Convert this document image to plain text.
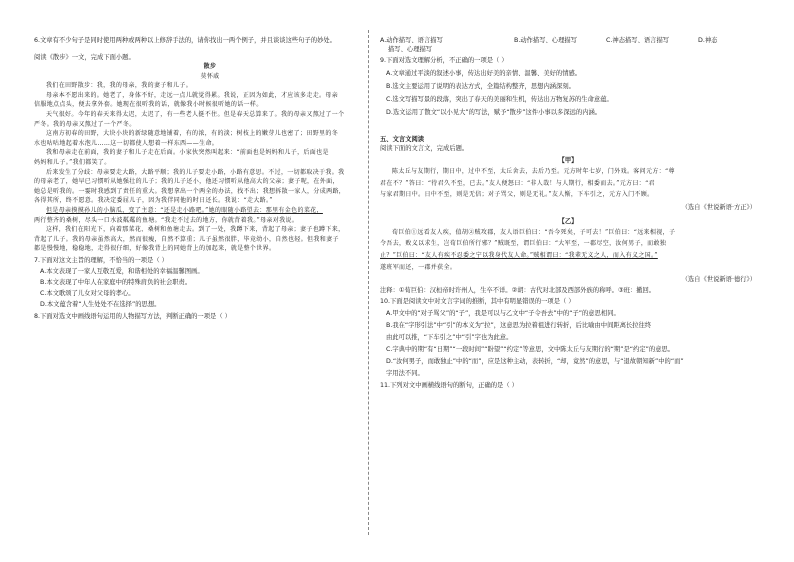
6.文章有不少句子是同时使用两种或两种以上修辞手法的，请你找出一两个例子，并且谈谈这些句子的妙处。
阅读《散步》一文，完成下面小题。
散步
莫怀戚
我们在田野散步：我，我的母亲，我的妻子和儿子。
母亲本不愿出来的。她老了，身体不好，走远一点儿就觉得累。我说，正因为如此，才应该多走走。母亲
信服地点点头，便去拿外套。她现在很听我的话，就像我小时候很听她的话一样。
天气很好。今年的春天来得太迟，太迟了，有一些老人挺不住。但是春天总算来了。我的母亲又熬过了一个
严冬。我的母亲又熬过了一个严冬。
这南方初春的田野，大块小块的新绿随意地铺着，有的浓，有的淡；树枝上的嫩芽儿也密了；田野里的冬
水也咕咕地起着水泡儿……这一切都使人想着一样东西——生命。
我和母亲走在前面，我的妻子和儿子走在后面。小家伙突然叫起来：“前面也是妈妈和儿子，后面也是
妈妈和儿子。”我们都笑了。
后来发生了分歧：母亲要走大路，大路平顺；我的儿子要走小路，小路有意思。不过，一切都取决于我。我
的母亲老了，她早已习惯听从她强壮的儿子；我的儿子还小，他还习惯听从他高大的父亲；妻子呢，在外面，
她总是听我的。一霎时我感到了责任的重大。我想拿出一个两全的办法，找不出；我想拆散一家人，分成两路，
各得其所，终不愿意。我决定委屈儿子，因为我伴同他的时日还长。我说：“走大路。”
但是母亲摸摸孙儿的小脑瓜，变了主意：“还是走小路吧。”她的眼随小路望去：那里有金色的菜花，
两行整齐的桑树，尽头一口水波粼粼的鱼塘。“我走不过去的地方，你就背着我。”母亲对我说。
这样，我们在阳光下，向着那菜花、桑树和鱼塘走去。到了一处，我蹲下来，背起了母亲；妻子也蹲下来，
背起了儿子。我的母亲虽然高大，然而很瘦，自然不算重；儿子虽然很胖，毕竟幼小，自然也轻。但我和妻子
都是慢慢地，稳稳地，走得很仔细，好像我背上的同她背上的加起来，就是整个世界。
7.下面对这文主旨的理解，不恰当的一项是（ ）
A.本文表现了一家人互敬互爱，和谐相处的幸福温馨图画。
B.本文表现了中年人在家庭中的特殊肩负的社会职责。
C.本文歌颂了儿女对父母的孝心。
D.本文蕴含着“人生处处不在选择”的思想。
8.下面对选文中画线语句运用的人物描写方法，判断正确的一项是（ ）
A.动作描写、语言描写	B.动作描写、心理描写	C.神态描写、语言描写	D.神态
描写、心理描写
9.下面对选文理解分析，不正确的一项是（ ）
A.文章通过平淡的叙述小事，传达出好美的亲情、温馨、美好的情感。
B.选文主要运用了说明的表达方式，全篇结构整齐，思想内涵深刻。
C.选文写描写景的段落，突出了春天的美丽和生机，传达出万物复苏的生命意蕴。
D.选文运用了散文“以小见大”的写法，赋予“散步”这件小事以多深远的内涵。
五、文言文阅读
阅读下面的文言文，完成后题。
【甲】
陈太丘与友期行，期日中，过中不至，太丘舍去，去后乃至。元方时年七岁，门外戏。客问元方：“尊
君在不？”答曰：“待君久不至，已去。”友人便怒曰：“非人哉！与人期行，相委而去。”元方曰：“君
与家君期日中。日中不至，则是无信；对子骂父，则是无礼。”友人惭，下车引之，元方入门不顾。
（选自《世说新语·方正》）
【乙】
荀巨伯①远看友人疾，值胡②贼攻郡，友人语巨伯曰：“吾今死矣，子可去！”巨伯曰：“远来相视，子
令吾去，败义以求生，岂荀巨伯所行邪？”贼既至，谓巨伯曰：“大军至，一郡尽空，汝何男子，而敢独
止？”巨伯曰：“友人有疾不忍委之宁以我身代友人命。”贼相谓曰：“我辈无义之人，而入有义之国。”
遂班军而还，一郡并获全。
（选自《世说新语·德行》）
注释：①荀巨伯：汉桓帝时许州人，生卒不详。②胡：古代对北部及西部外族的称呼。③班：撤回。
10.下面是阅读文中对文言字词的推断，其中有明显错误的一项是（ ）
A.甲文中的“对子骂父”的“子”，我是可以与乙文中“子令吾去”中的“子”的意思相同。
B.我在“字形引法”中“引”的本义为“拉”，这意思为拉着祖进行转折，后比喻由中间距离长拉往终
由此可以推，“下车引之”中“引”字也为此意。
C.字典中的期“有“日期”“一段时间”“盼望”“约定”等意思，文中陈太丘与友期行的“期”是“约定”的意思。
D.“汝何男子，而敢独止”中的“而”，应是这种主动，表转折，“却，竟然”的意思，与“退故朝知新”中的“而”
字用法不同。
11.下列对文中画横线语句的断句，正确的是（ ）
